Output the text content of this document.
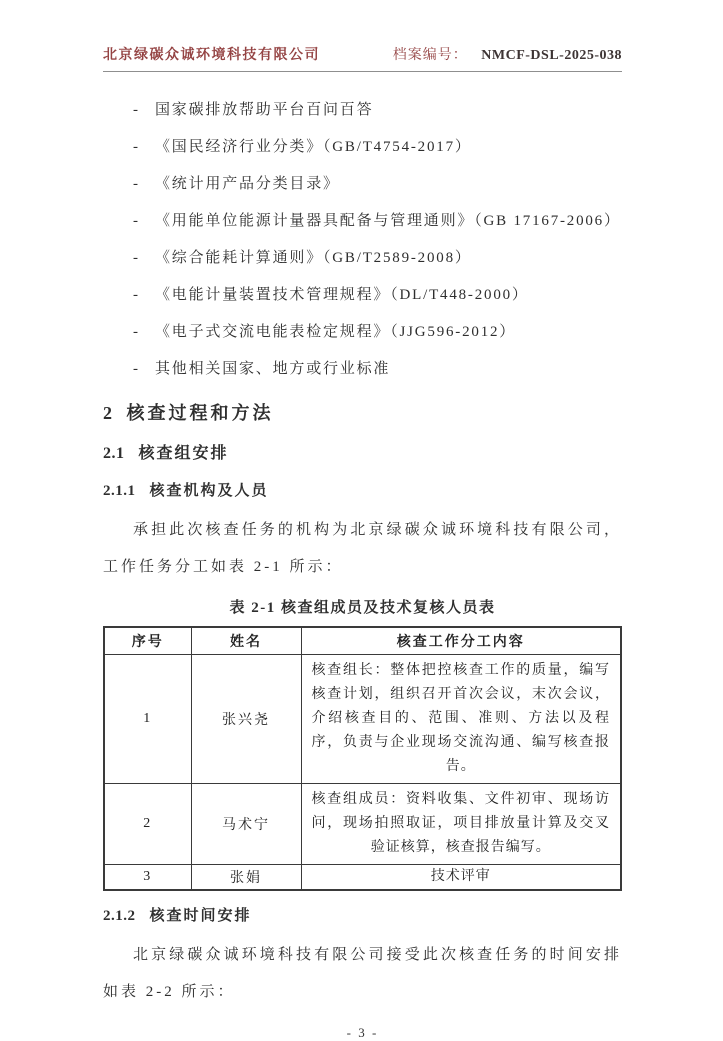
北京绿碳众诚环境科技有限公司	档案编号： NMCF-DSL-2025-038
-	国家碳排放帮助平台百问百答
-	《国民经济行业分类》（GB/T4754-2017）
-	《统计用产品分类目录》
-	《用能单位能源计量器具配备与管理通则》（GB 17167-2006）
-	《综合能耗计算通则》（GB/T2589-2008）
-	《电能计量装置技术管理规程》（DL/T448-2000）
-	《电子式交流电能表检定规程》（JJG596-2012）
-	其他相关国家、地方或行业标准
2 核查过程和方法
2.1 核查组安排
2.1.1 核查机构及人员

承担此次核查任务的机构为北京绿碳众诚环境科技有限公司，工作任务分工如表 2-1 所示：

表 2-1 核查组成员及技术复核人员表
序号	姓名	核查工作分工内容
1	张兴尧	核查组长：整体把控核查工作的质量，编写核查计划，组织召开首次会议，末次会议，介绍核查目的、范围、准则、方法以及程序，负责与企业现场交流沟通、编写核查报告。
2	马术宁	核查组成员：资料收集、文件初审、现场访问，现场拍照取证，项目排放量计算及交叉验证核算，核查报告编写。
3	张娟	技术评审
2.1.2 核查时间安排

北京绿碳众诚环境科技有限公司接受此次核查任务的时间安排如表 2-2 所示：

- 3 -
